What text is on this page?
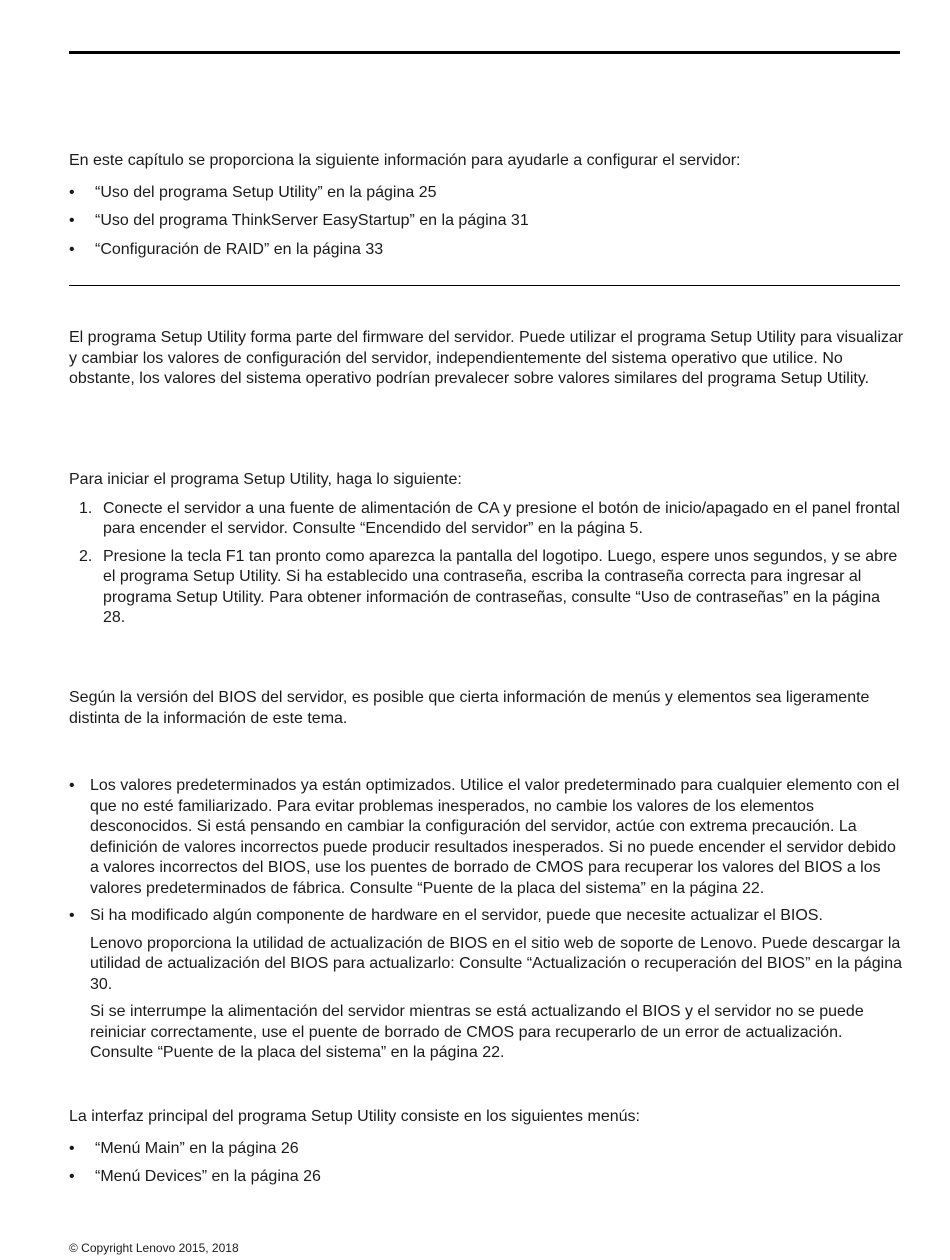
En este capítulo se proporciona la siguiente información para ayudarle a configurar el servidor:

• “Uso del programa Setup Utility” en la página 25
• “Uso del programa ThinkServer EasyStartup” en la página 31
• “Configuración de RAID” en la página 33

El programa Setup Utility forma parte del firmware del servidor. Puede utilizar el programa Setup Utility para visualizar y cambiar los valores de configuración del servidor, independientemente del sistema operativo que utilice. No obstante, los valores del sistema operativo podrían prevalecer sobre valores similares del programa Setup Utility.

Para iniciar el programa Setup Utility, haga lo siguiente:

1. Conecte el servidor a una fuente de alimentación de CA y presione el botón de inicio/apagado en el panel frontal para encender el servidor. Consulte “Encendido del servidor” en la página 5.
2. Presione la tecla F1 tan pronto como aparezca la pantalla del logotipo. Luego, espere unos segundos, y se abre el programa Setup Utility. Si ha establecido una contraseña, escriba la contraseña correcta para ingresar al programa Setup Utility. Para obtener información de contraseñas, consulte “Uso de contraseñas” en la página 28.

Según la versión del BIOS del servidor, es posible que cierta información de menús y elementos sea ligeramente distinta de la información de este tema.

• Los valores predeterminados ya están optimizados. Utilice el valor predeterminado para cualquier elemento con el que no esté familiarizado. Para evitar problemas inesperados, no cambie los valores de los elementos desconocidos. Si está pensando en cambiar la configuración del servidor, actúe con extrema precaución. La definición de valores incorrectos puede producir resultados inesperados. Si no puede encender el servidor debido a valores incorrectos del BIOS, use los puentes de borrado de CMOS para recuperar los valores del BIOS a los valores predeterminados de fábrica. Consulte “Puente de la placa del sistema” en la página 22.
• Si ha modificado algún componente de hardware en el servidor, puede que necesite actualizar el BIOS.

Lenovo proporciona la utilidad de actualización de BIOS en el sitio web de soporte de Lenovo. Puede descargar la utilidad de actualización del BIOS para actualizarlo: Consulte “Actualización o recuperación del BIOS” en la página 30.

Si se interrumpe la alimentación del servidor mientras se está actualizando el BIOS y el servidor no se puede reiniciar correctamente, use el puente de borrado de CMOS para recuperarlo de un error de actualización. Consulte “Puente de la placa del sistema” en la página 22.

La interfaz principal del programa Setup Utility consiste en los siguientes menús:

• “Menú Main” en la página 26
• “Menú Devices” en la página 26
© Copyright Lenovo 2015, 2018
